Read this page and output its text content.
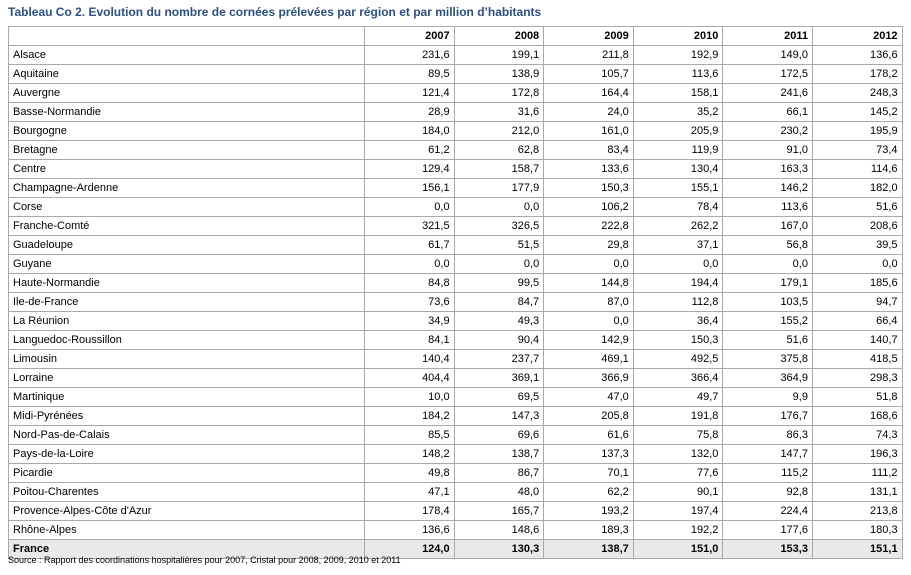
Tableau Co 2. Evolution du nombre de cornées prélevées par région et par million d’habitants
	2007	2008	2009	2010	2011	2012
Alsace	231,6	199,1	211,8	192,9	149,0	136,6
Aquitaine	89,5	138,9	105,7	113,6	172,5	178,2
Auvergne	121,4	172,8	164,4	158,1	241,6	248,3
Basse-Normandie	28,9	31,6	24,0	35,2	66,1	145,2
Bourgogne	184,0	212,0	161,0	205,9	230,2	195,9
Bretagne	61,2	62,8	83,4	119,9	91,0	73,4
Centre	129,4	158,7	133,6	130,4	163,3	114,6
Champagne-Ardenne	156,1	177,9	150,3	155,1	146,2	182,0
Corse	0,0	0,0	106,2	78,4	113,6	51,6
Franche-Comté	321,5	326,5	222,8	262,2	167,0	208,6
Guadeloupe	61,7	51,5	29,8	37,1	56,8	39,5
Guyane	0,0	0,0	0,0	0,0	0,0	0,0
Haute-Normandie	84,8	99,5	144,8	194,4	179,1	185,6
Ile-de-France	73,6	84,7	87,0	112,8	103,5	94,7
La Réunion	34,9	49,3	0,0	36,4	155,2	66,4
Languedoc-Roussillon	84,1	90,4	142,9	150,3	51,6	140,7
Limousin	140,4	237,7	469,1	492,5	375,8	418,5
Lorraine	404,4	369,1	366,9	366,4	364,9	298,3
Martinique	10,0	69,5	47,0	49,7	9,9	51,8
Midi-Pyrénées	184,2	147,3	205,8	191,8	176,7	168,6
Nord-Pas-de-Calais	85,5	69,6	61,6	75,8	86,3	74,3
Pays-de-la-Loire	148,2	138,7	137,3	132,0	147,7	196,3
Picardie	49,8	86,7	70,1	77,6	115,2	111,2
Poitou-Charentes	47,1	48,0	62,2	90,1	92,8	131,1
Provence-Alpes-Côte d'Azur	178,4	165,7	193,2	197,4	224,4	213,8
Rhône-Alpes	136,6	148,6	189,3	192,2	177,6	180,3
France	124,0	130,3	138,7	151,0	153,3	151,1
Source : Rapport des coordinations hospitalières pour 2007, Cristal pour 2008, 2009, 2010 et 2011
